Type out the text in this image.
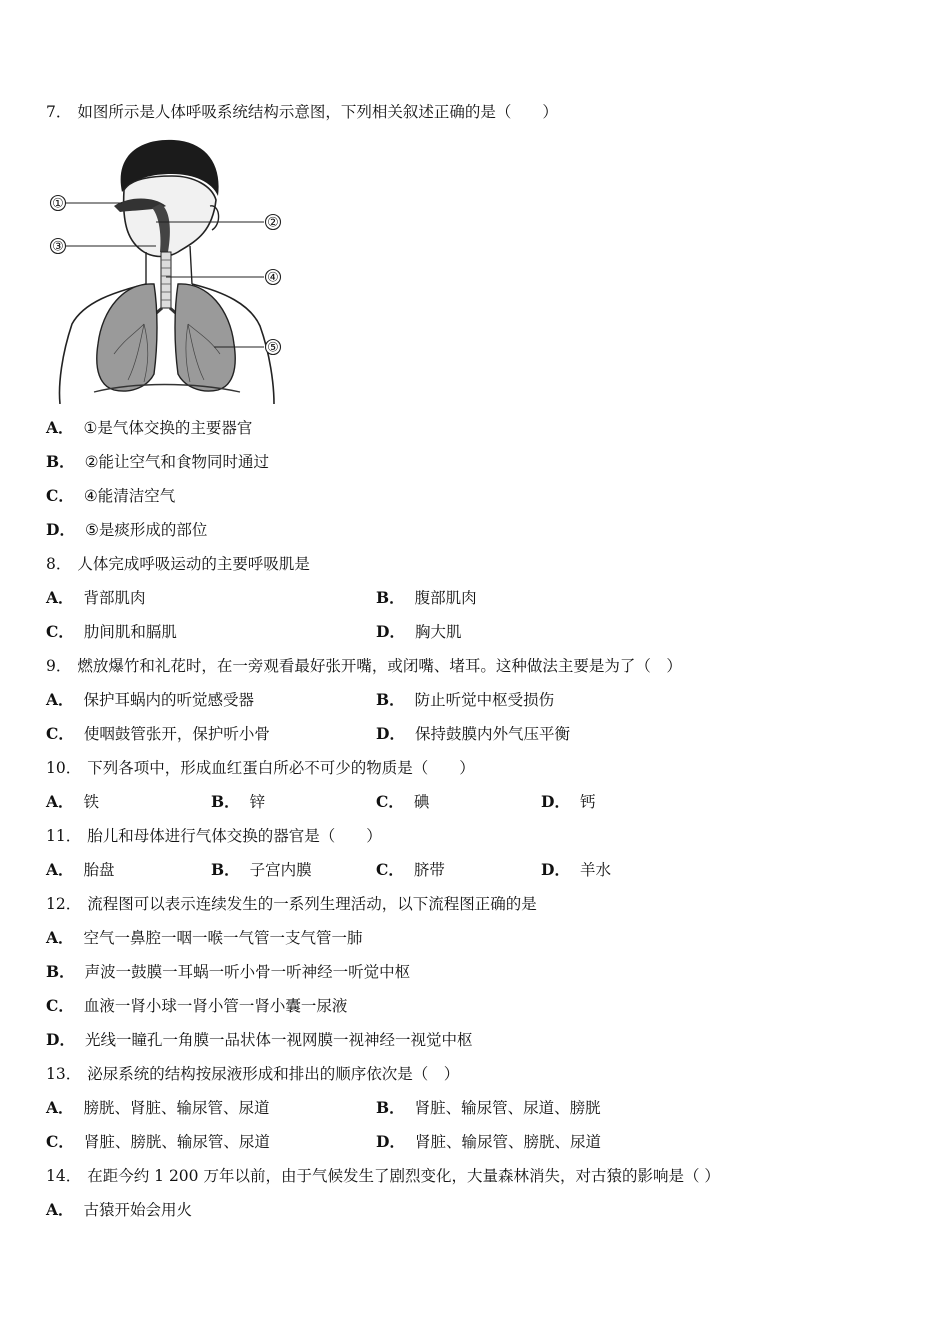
7． 如图所示是人体呼吸系统结构示意图，下列相关叙述正确的是（　　）
①
②
③
④
⑤
A． ①是气体交换的主要器官
B． ②能让空气和食物同时通过
C． ④能清洁空气
D． ⑤是痰形成的部位
8． 人体完成呼吸运动的主要呼吸肌是
A． 背部肌肉	B． 腹部肌肉
C． 肋间肌和膈肌	D． 胸大肌
9． 燃放爆竹和礼花时，在一旁观看最好张开嘴，或闭嘴、堵耳。这种做法主要是为了（　）
A． 保护耳蜗内的听觉感受器	B． 防止听觉中枢受损伤
C． 使咽鼓管张开，保护听小骨	D． 保持鼓膜内外气压平衡
10． 下列各项中，形成血红蛋白所必不可少的物质是（　　）
A． 铁	B． 锌	C． 碘	D． 钙
11． 胎儿和母体进行气体交换的器官是（　　）
A． 胎盘	B． 子宫内膜	C． 脐带	D． 羊水
12． 流程图可以表示连续发生的一系列生理活动，以下流程图正确的是
A． 空气一鼻腔一咽一喉一气管一支气管一肺
B． 声波一鼓膜一耳蜗一听小骨一听神经一听觉中枢
C． 血液一肾小球一肾小管一肾小囊一尿液
D． 光线一瞳孔一角膜一品状体一视网膜一视神经一视觉中枢
13． 泌尿系统的结构按尿液形成和排出的顺序依次是（　）
A． 膀胱、肾脏、输尿管、尿道	B． 肾脏、输尿管、尿道、膀胱
C． 肾脏、膀胱、输尿管、尿道	D． 肾脏、输尿管、膀胱、尿道
14． 在距今约 1 200 万年以前，由于气候发生了剧烈变化，大量森林消失，对古猿的影响是（ ）
A． 古猿开始会用火
